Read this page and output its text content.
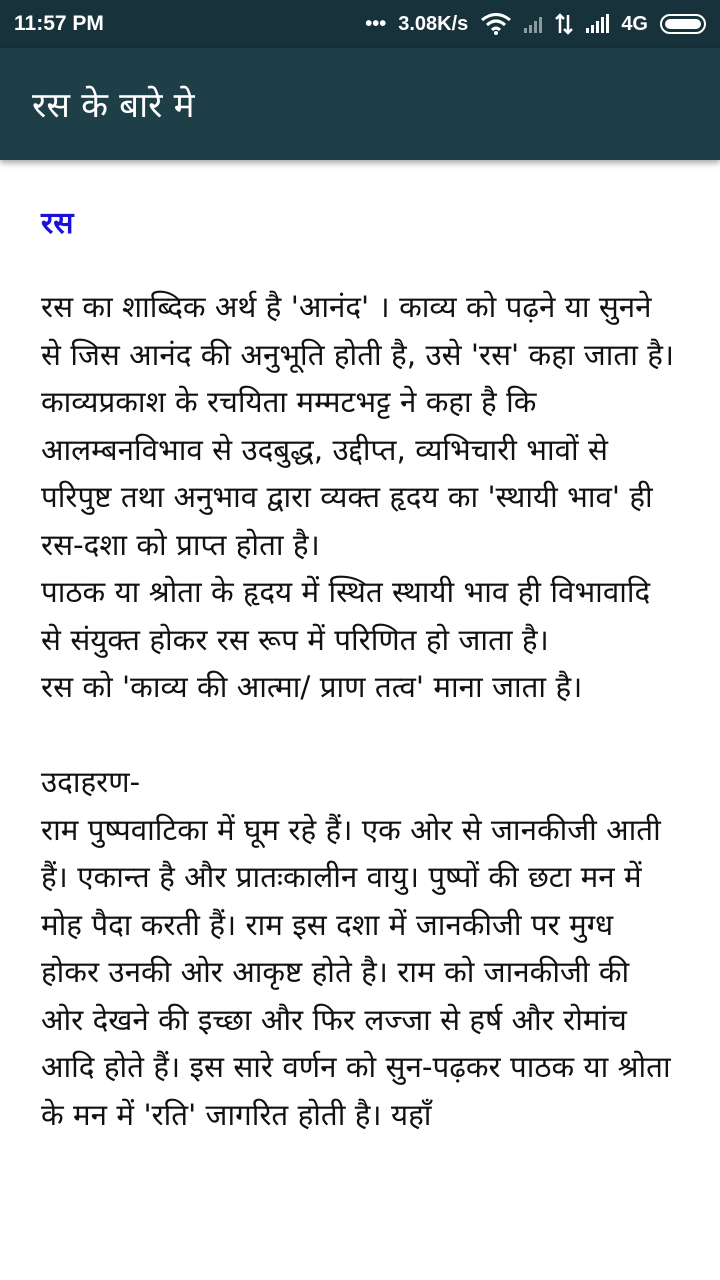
11:57 PM	••• 3.08K/s	4G
रस के बारे मे
रस

रस का शाब्दिक अर्थ है 'आनंद' । काव्य को पढ़ने या सुनने से जिस आनंद की अनुभूति होती है, उसे 'रस' कहा जाता है।

काव्यप्रकाश के रचयिता मम्मटभट्ट ने कहा है कि आलम्बनविभाव से उदबुद्ध, उद्दीप्त, व्यभिचारी भावों से परिपुष्ट तथा अनुभाव द्वारा व्यक्त हृदय का 'स्थायी भाव' ही रस-दशा को प्राप्त होता है।

पाठक या श्रोता के हृदय में स्थित स्थायी भाव ही विभावादि से संयुक्त होकर रस रूप में परिणित हो जाता है।

रस को 'काव्य की आत्मा/ प्राण तत्व' माना जाता है।

उदाहरण-

राम पुष्पवाटिका में घूम रहे हैं। एक ओर से जानकीजी आती हैं। एकान्त है और प्रातःकालीन वायु। पुष्पों की छटा मन में मोह पैदा करती हैं। राम इस दशा में जानकीजी पर मुग्ध होकर उनकी ओर आकृष्ट होते है। राम को जानकीजी की ओर देखने की इच्छा और फिर लज्जा से हर्ष और रोमांच आदि होते हैं। इस सारे वर्णन को सुन-पढ़कर पाठक या श्रोता के मन में 'रति' जागरित होती है। यहाँ
